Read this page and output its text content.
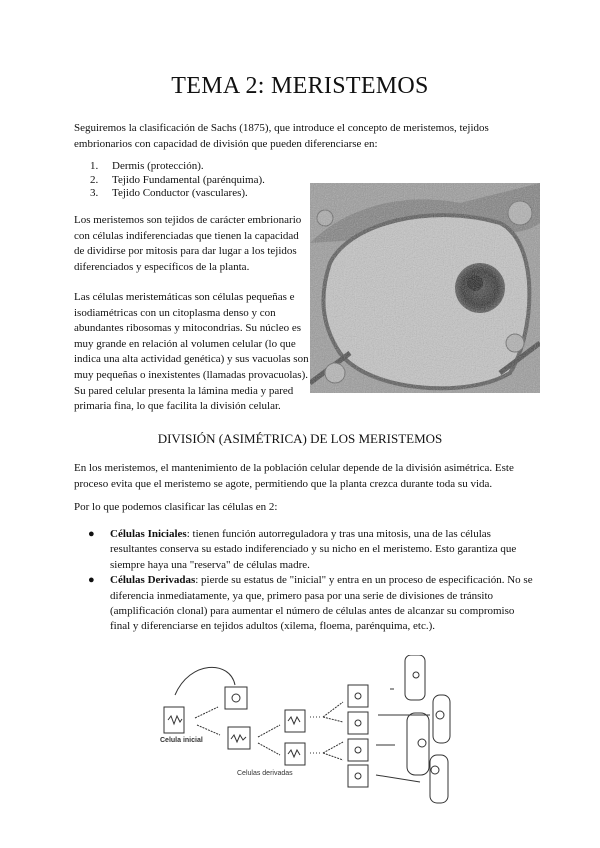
TEMA 2: MERISTEMOS

Seguiremos la clasificación de Sachs (1875), que introduce el concepto de meristemos, tejidos embrionarios con capacidad de división que pueden diferenciarse en:

1.	Dermis (protección).
2.	Tejido Fundamental (parénquima).
3.	Tejido Conductor (vasculares).

Los meristemos son tejidos de carácter embrionario con células indiferenciadas que tienen la capacidad de dividirse por mitosis para dar lugar a los tejidos diferenciados y específicos de la planta.

Las células meristemáticas son células pequeñas e isodiamétricas con un citoplasma denso y con abundantes ribosomas y mitocondrias. Su núcleo es muy grande en relación al volumen celular (lo que indica una alta actividad genética) y sus vacuolas son muy pequeñas o inexistentes (llamadas provacuolas). Su pared celular presenta la lámina media y pared primaria fina, lo que facilita la división celular.

DIVISIÓN (ASIMÉTRICA) DE LOS MERISTEMOS

En los meristemos, el mantenimiento de la población celular depende de la división asimétrica. Este proceso evita que el meristemo se agote, permitiendo que la planta crezca durante toda su vida.

Por lo que podemos clasificar las células en 2:

● Células Iniciales: tienen función autorreguladora y tras una mitosis, una de las células resultantes conserva su estado indiferenciado y su nicho en el meristemo. Esto garantiza que siempre haya una "reserva" de células madre.
● Células Derivadas: pierde su estatus de "inicial" y entra en un proceso de especificación. No se diferencia inmediatamente, ya que, primero pasa por una serie de divisiones de tránsito (amplificación clonal) para aumentar el número de células antes de alcanzar su compromiso final y diferenciarse en tejidos adultos (xilema, floema, parénquima, etc.).
Celula inicial
Celulas derivadas
